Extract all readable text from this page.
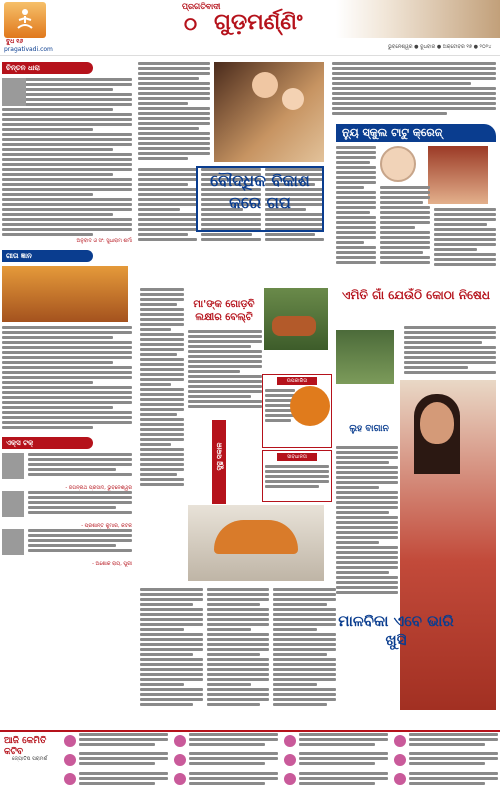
ବୁଧ ୧୬
pragativadi.com
ପ୍ରଗତିବାଦୀ
୦ ଗୁଡ଼ମର୍ଣ୍ଣିଂ
ଭୁବନେଶ୍ୱର ● ବୁଧବାର ● ଅକ୍ଟୋବର ୧୭ ● ୨୦୨୪
ଚିନ୍ତନ ଧାରା
ଅନୁବାଦ ଓ ସଂ: ସୁଧାରାମ ଶର୍ମା
ଗୀତା ଜ୍ଞାନ
ଏକ୍ସ ଟକ୍
- ଜଗନ୍ନାଥ ପ୍ରସାଦ, ଭୁବନେଶ୍ୱର
- ପ୍ରଶାନ୍ତ କୁମାର, କଟକ
- ଅଶୋକ ରାୟ, ପୁରୀ
ବୌଦ୍ଧିକ ବିକାଶ କରେ ଗପ
ନ୍ୟୁ ସ୍କୁଲ ଟାଟୁ କ୍ରେଜ୍
ମା'ଙ୍କ ଗୋଡ଼ବି ଲକ୍ଷୀର ବେଲ୍ଟି
ଉପକାରିତା
ସାବଧାନତା
ସୁସ୍ଥ ସକାଳ
ଏମିତି ଗାଁ ଯେଉଁଠି କୋଠା ନିଷେଧ
ଲୁହ ବାଗାନ
ମାଳବିକା ଏବେ ଭାରି ଖୁସି
ଆଜି କେମିତି କଟିବ
ଜ୍ୟୋତିଷ ପରାମର୍ଶ
